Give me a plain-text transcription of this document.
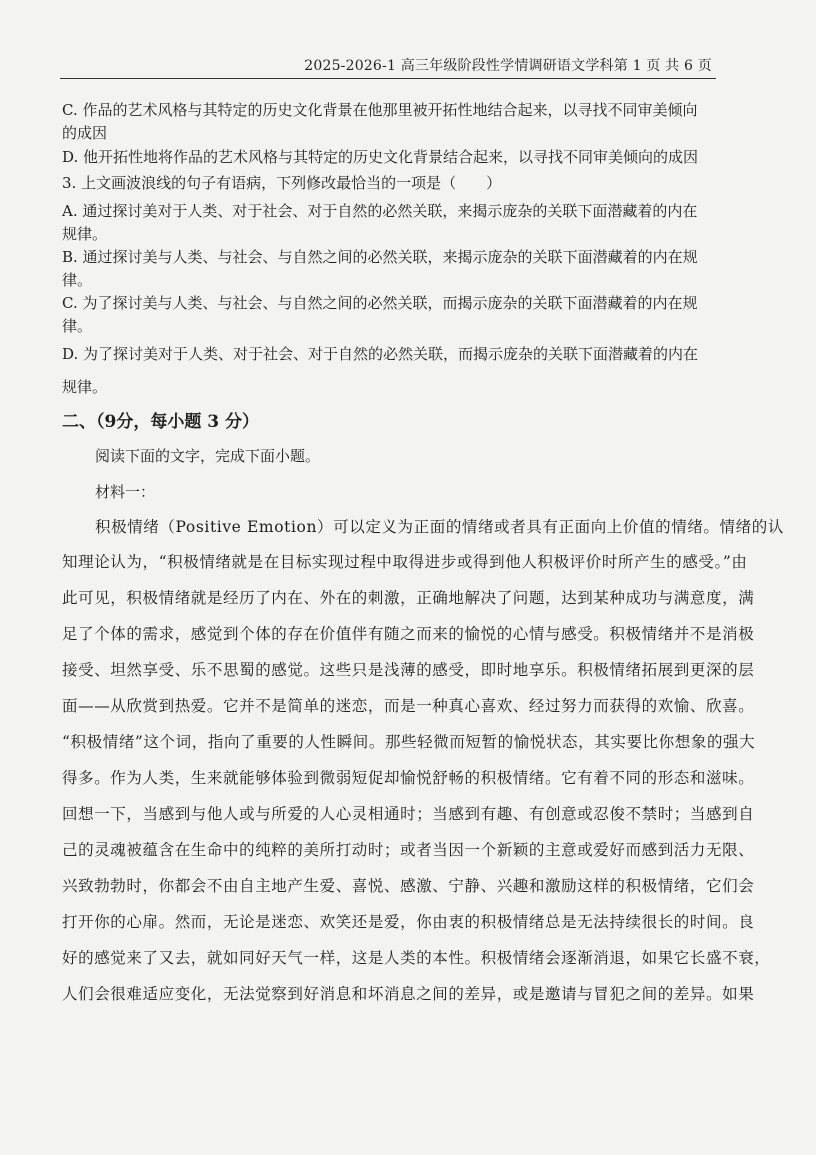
2025-2026-1 高三年级阶段性学情调研语文学科第 1 页 共 6 页
C. 作品的艺术风格与其特定的历史文化背景在他那里被开拓性地结合起来，以寻找不同审美倾向
的成因
D. 他开拓性地将作品的艺术风格与其特定的历史文化背景结合起来，以寻找不同审美倾向的成因
3. 上文画波浪线的句子有语病，下列修改最恰当的一项是（　　）
A. 通过探讨美对于人类、对于社会、对于自然的必然关联，来揭示庞杂的关联下面潜藏着的内在
规律。
B. 通过探讨美与人类、与社会、与自然之间的必然关联，来揭示庞杂的关联下面潜藏着的内在规
律。
C. 为了探讨美与人类、与社会、与自然之间的必然关联，而揭示庞杂的关联下面潜藏着的内在规
律。
D. 为了探讨美对于人类、对于社会、对于自然的必然关联，而揭示庞杂的关联下面潜藏着的内在
规律。
二、（9分，每小题 3 分）
阅读下面的文字，完成下面小题。
材料一：
积极情绪（Positive Emotion）可以定义为正面的情绪或者具有正面向上价值的情绪。情绪的认
知理论认为，“积极情绪就是在目标实现过程中取得进步或得到他人积极评价时所产生的感受。”由
此可见，积极情绪就是经历了内在、外在的刺激，正确地解决了问题，达到某种成功与满意度，满
足了个体的需求，感觉到个体的存在价值伴有随之而来的愉悦的心情与感受。积极情绪并不是消极
接受、坦然享受、乐不思蜀的感觉。这些只是浅薄的感受，即时地享乐。积极情绪拓展到更深的层
面——从欣赏到热爱。它并不是简单的迷恋，而是一种真心喜欢、经过努力而获得的欢愉、欣喜。
“积极情绪”这个词，指向了重要的人性瞬间。那些轻微而短暂的愉悦状态，其实要比你想象的强大
得多。作为人类，生来就能够体验到微弱短促却愉悦舒畅的积极情绪。它有着不同的形态和滋味。
回想一下，当感到与他人或与所爱的人心灵相通时；当感到有趣、有创意或忍俊不禁时；当感到自
己的灵魂被蕴含在生命中的纯粹的美所打动时；或者当因一个新颖的主意或爱好而感到活力无限、
兴致勃勃时，你都会不由自主地产生爱、喜悦、感激、宁静、兴趣和激励这样的积极情绪，它们会
打开你的心扉。然而，无论是迷恋、欢笑还是爱，你由衷的积极情绪总是无法持续很长的时间。良
好的感觉来了又去，就如同好天气一样，这是人类的本性。积极情绪会逐渐消退，如果它长盛不衰，
人们会很难适应变化，无法觉察到好消息和坏消息之间的差异，或是邀请与冒犯之间的差异。如果
